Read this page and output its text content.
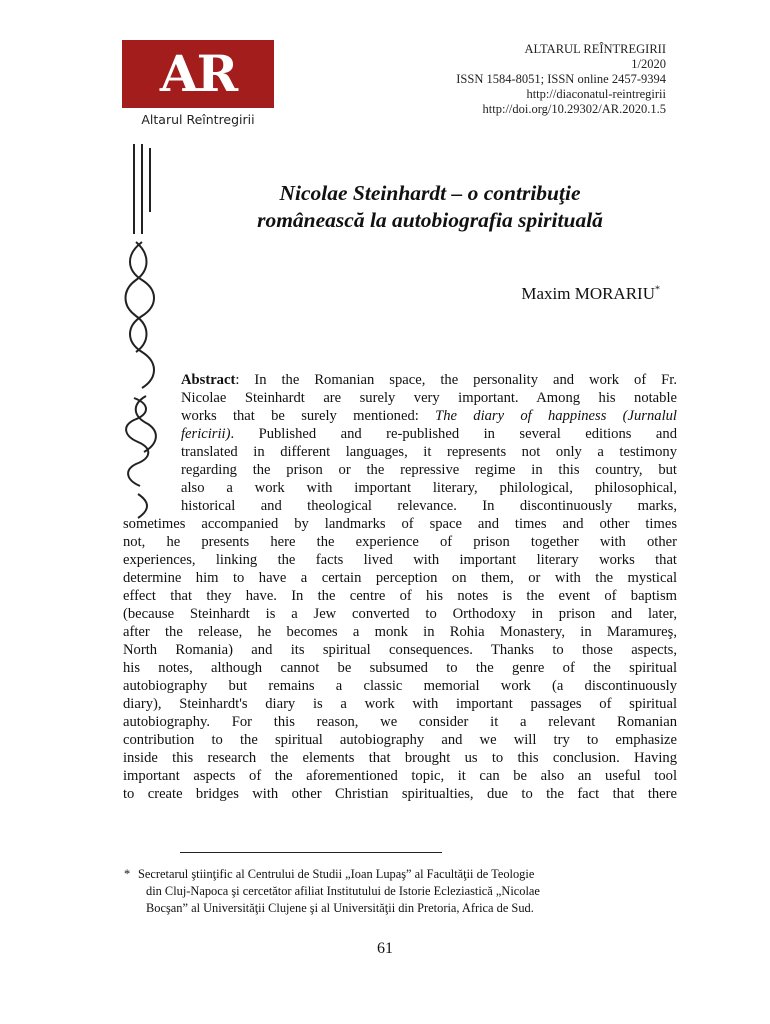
AR
Altarul Reîntregirii
ALTARUL REÎNTREGIRII
1/2020
ISSN 1584-8051; ISSN online 2457-9394
http://diaconatul-reintregirii
http://doi.org/10.29302/AR.2020.1.5
Nicolae Steinhardt – o contribuţie
românească la autobiografia spirituală
Maxim MORARIU*
Abstract: In the Romanian space, the personality and work of Fr.
Nicolae Steinhardt are surely very important. Among his notable
works that be surely mentioned: The diary of happiness (Jurnalul
fericirii). Published and re-published in several editions and
translated in different languages, it represents not only a testimony
regarding the prison or the repressive regime in this country, but
also a work with important literary, philological, philosophical,
historical and theological relevance. In discontinuously marks,
sometimes accompanied by landmarks of space and times and other times
not, he presents here the experience of prison together with other
experiences, linking the facts lived with important literary works that
determine him to have a certain perception on them, or with the mystical
effect that they have. In the centre of his notes is the event of baptism
(because Steinhardt is a Jew converted to Orthodoxy in prison and later,
after the release, he becomes a monk in Rohia Monastery, in Maramureş,
North Romania) and its spiritual consequences. Thanks to those aspects,
his notes, although cannot be subsumed to the genre of the spiritual
autobiography but remains a classic memorial work (a discontinuously
diary), Steinhardt's diary is a work with important passages of spiritual
autobiography. For this reason, we consider it a relevant Romanian
contribution to the spiritual autobiography and we will try to emphasize
inside this research the elements that brought us to this conclusion. Having
important aspects of the aforementioned topic, it can be also an useful tool
to create bridges with other Christian spiritualties, due to the fact that there
* Secretarul ştiinţific al Centrului de Studii „Ioan Lupaş” al Facultăţii de Teologie
din Cluj-Napoca şi cercetător afiliat Institutului de Istorie Ecleziastică „Nicolae
Bocşan” al Universităţii Clujene şi al Universităţii din Pretoria, Africa de Sud.
61
